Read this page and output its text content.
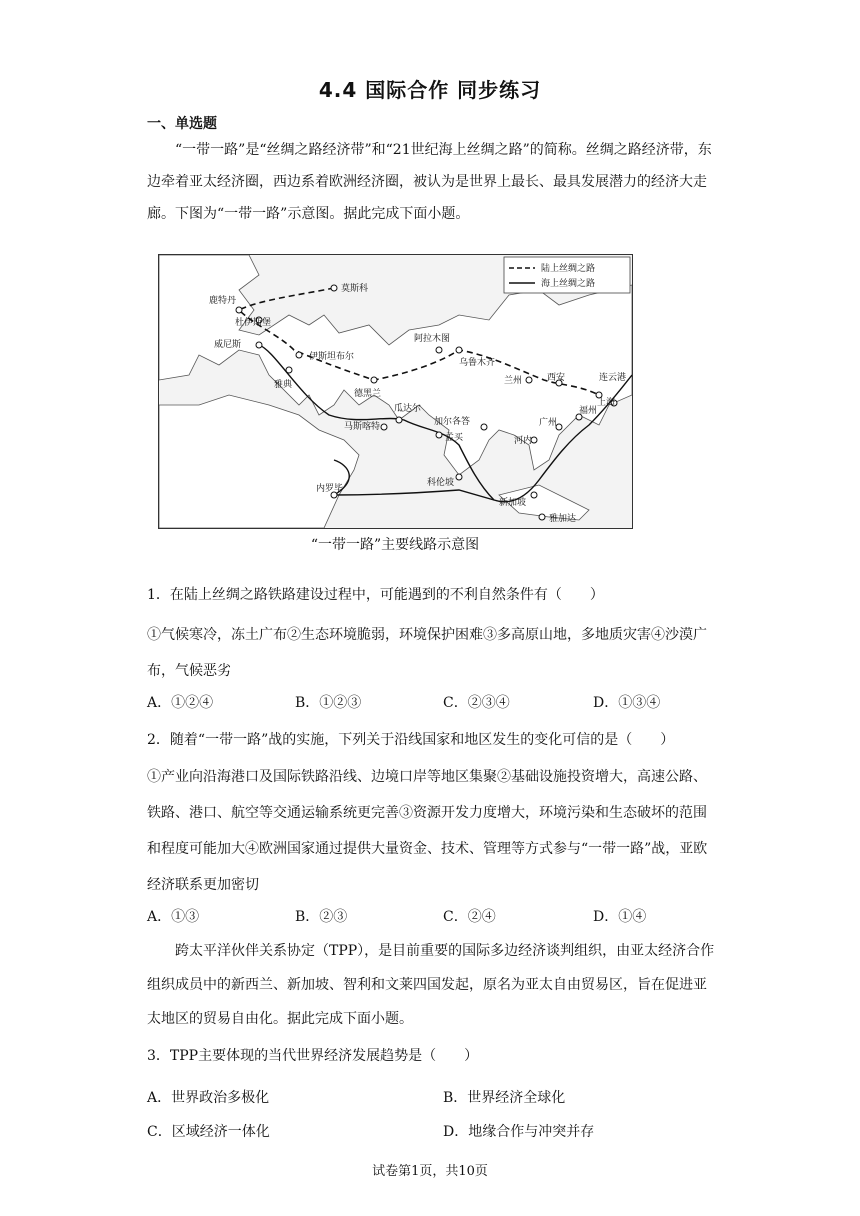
4.4 国际合作 同步练习
一、单选题
“一带一路”是“丝绸之路经济带”和“21世纪海上丝绸之路”的简称。丝绸之路经济带，东边牵着亚太经济圈，西边系着欧洲经济圈，被认为是世界上最长、最具发展潜力的经济大走廊。下图为“一带一路”示意图。据此完成下面小题。
陆上丝绸之路
海上丝绸之路
莫斯科
鹿特丹
杜伊斯堡
威尼斯
雅典
伊斯坦布尔
德黑兰
阿拉木图
乌鲁木齐
兰州	西安	连云港
上海
福州
广州
河内
瓜达尔
加尔各答
孟买
马斯喀特
科伦坡
内罗毕
新加坡
雅加达
“一带一路”主要线路示意图
1．在陆上丝绸之路铁路建设过程中，可能遇到的不利自然条件有（　　）
①气候寒冷，冻土广布②生态环境脆弱，环境保护困难③多高原山地，多地质灾害④沙漠广布，气候恶劣
A．①②④	B．①②③	C．②③④	D．①③④
2．随着“一带一路”战的实施，下列关于沿线国家和地区发生的变化可信的是（　　）
①产业向沿海港口及国际铁路沿线、边境口岸等地区集聚②基础设施投资增大，高速公路、铁路、港口、航空等交通运输系统更完善③资源开发力度增大，环境污染和生态破坏的范围和程度可能加大④欧洲国家通过提供大量资金、技术、管理等方式参与“一带一路”战，亚欧经济联系更加密切
A．①③	B．②③	C．②④	D．①④
跨太平洋伙伴关系协定（TPP），是目前重要的国际多边经济谈判组织，由亚太经济合作组织成员中的新西兰、新加坡、智利和文莱四国发起，原名为亚太自由贸易区，旨在促进亚太地区的贸易自由化。据此完成下面小题。
3．TPP主要体现的当代世界经济发展趋势是（　　）
A．世界政治多极化	B．世界经济全球化
C．区域经济一体化	D．地缘合作与冲突并存
试卷第1页，共10页
